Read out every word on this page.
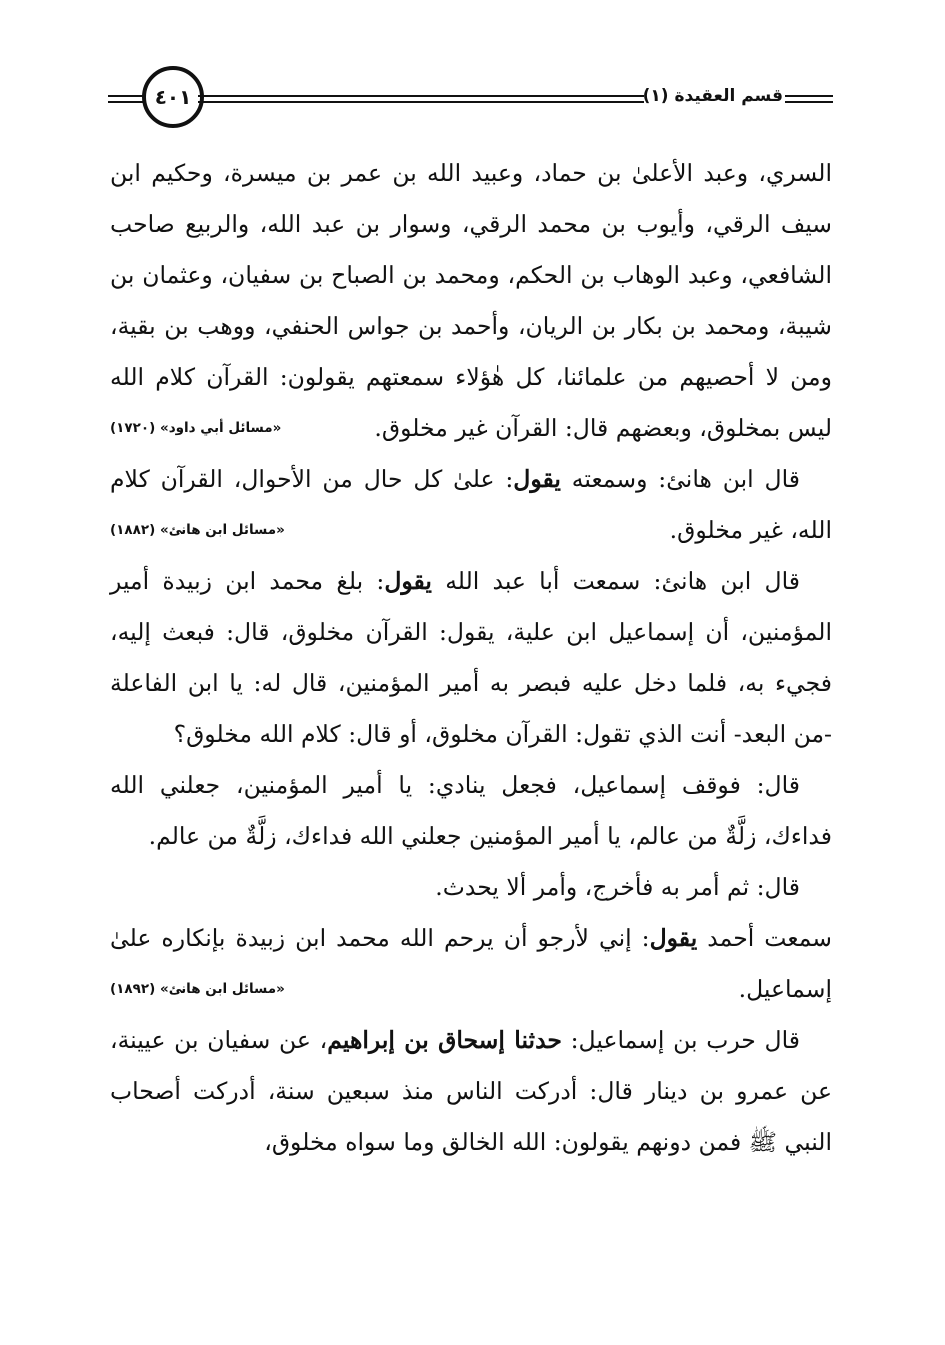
٤٠١	قسم العقيدة (١)

السري، وعبد الأعلىٰ بن حماد، وعبيد الله بن عمر بن ميسرة، وحكيم ابن سيف الرقي، وأيوب بن محمد الرقي، وسوار بن عبد الله، والربيع صاحب الشافعي، وعبد الوهاب بن الحكم، ومحمد بن الصباح بن سفيان، وعثمان بن شيبة، ومحمد بن بكار بن الريان، وأحمد بن جواس الحنفي، ووهب بن بقية، ومن لا أحصيهم من علمائنا، كل هٰؤلاء سمعتهم يقولون: القرآن كلام الله ليس بمخلوق، وبعضهم قال: القرآن غير مخلوق.
«مسائل أبي داود» (١٧٢٠)

قال ابن هانئ: وسمعته يقول: علىٰ كل حال من الأحوال، القرآن كلام الله، غير مخلوق.
«مسائل ابن هانئ» (١٨٨٢)

قال ابن هانئ: سمعت أبا عبد الله يقول: بلغ محمد ابن زبيدة أمير المؤمنين، أن إسماعيل ابن علية، يقول: القرآن مخلوق، قال: فبعث إليه، فجيء به، فلما دخل عليه فبصر به أمير المؤمنين، قال له: يا ابن الفاعلة -من البعد- أنت الذي تقول: القرآن مخلوق، أو قال: كلام الله مخلوق؟

قال: فوقف إسماعيل، فجعل ينادي: يا أمير المؤمنين، جعلني الله فداءك، زلَّةٌ من عالم، يا أمير المؤمنين جعلني الله فداءك، زلَّةٌ من عالم.

قال: ثم أمر به فأخرج، وأمر ألا يحدث.

سمعت أحمد يقول: إني لأرجو أن يرحم الله محمد ابن زبيدة بإنكاره علىٰ إسماعيل.
«مسائل ابن هانئ» (١٨٩٢)

قال حرب بن إسماعيل: حدثنا إسحاق بن إبراهيم، عن سفيان بن عيينة، عن عمرو بن دينار قال: أدركت الناس منذ سبعين سنة، أدركت أصحاب النبي ﷺ فمن دونهم يقولون: الله الخالق وما سواه مخلوق،
